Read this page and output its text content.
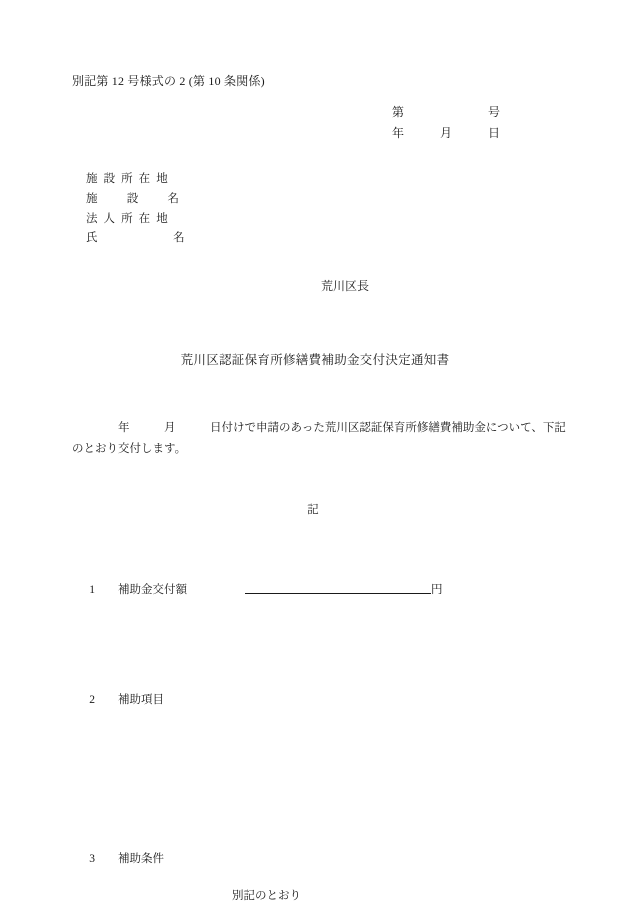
別記第 12 号様式の 2 (第 10 条関係)
第　　　　　　　号
年　　　月　　　日
施  設  所  在  地
施　　  設　　  名
法  人  所  在  地
氏　　　　　　  名
荒川区長
荒川区認証保育所修繕費補助金交付決定通知書
　　　　年　　　月　　　日付けで申請のあった荒川区認証保育所修繕費補助金について、下記のとおり交付します。
記

1　　 補助金交付額	円

2　　 補助項目

3　　 補助条件

別記のとおり
